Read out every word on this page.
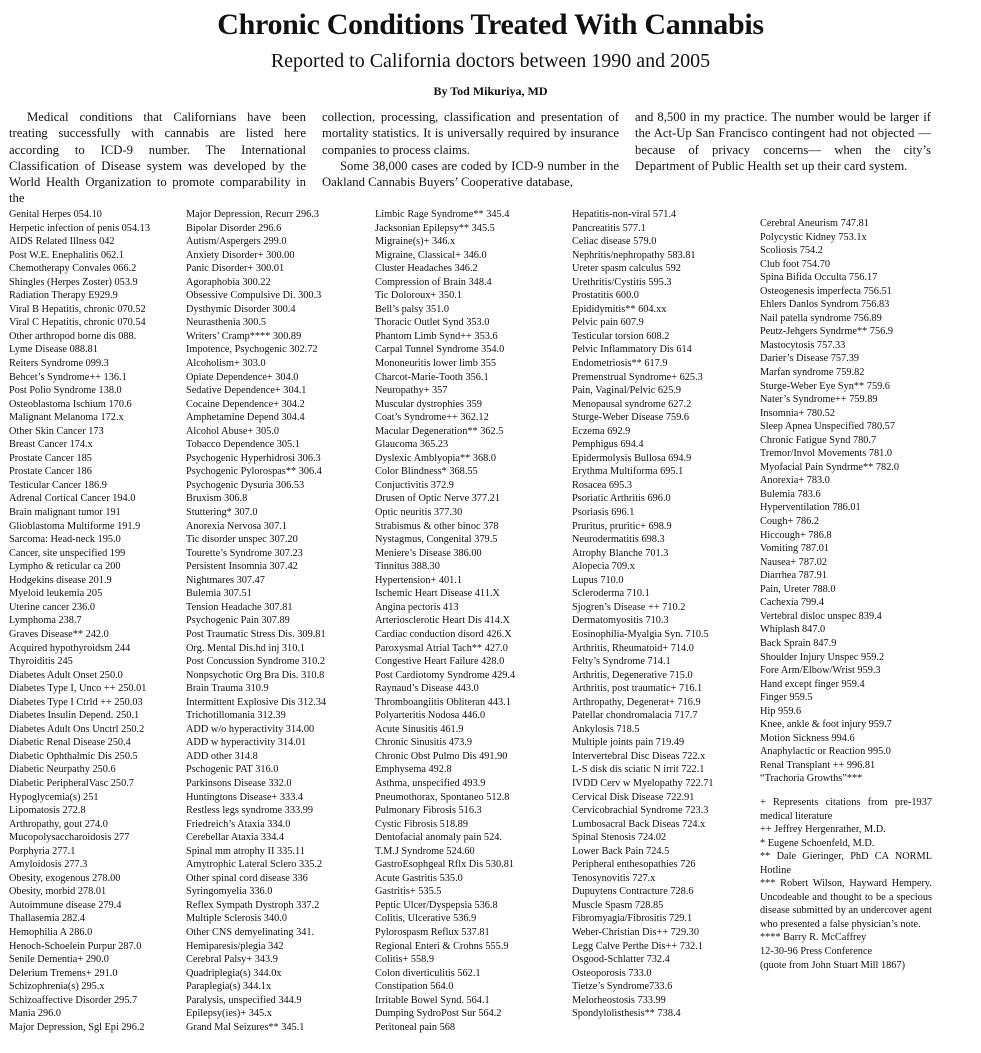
Chronic Conditions Treated With Cannabis
Reported to California doctors between 1990 and 2005
By Tod Mikuriya, MD

Medical conditions that Californians have been treating successfully with cannabis are listed here according to ICD-9 number. The International Classification of Disease system was developed by the World Health Organization to promote comparability in the

collection, processing, classification and presentation of mortality statistics. It is universally required by insurance companies to process claims.

Some 38,000 cases are coded by ICD-9 number in the Oakland Cannabis Buyers’ Cooperative database,

and 8,500 in my practice. The number would be larger if the Act-Up San Francisco contingent had not objected —because of privacy concerns— when the city’s Department of Public Health set up their card system.

Genital Herpes 054.10
Herpetic infection of penis 054.13
AIDS Related Illness 042
Post W.E. Enephalitis 062.1
Chemotherapy Convales 066.2
Shingles (Herpes Zoster) 053.9
Radiation Therapy E929.9
Viral B Hepatitis, chronic 070.52
Viral C Hepatitis, chronic 070.54
Other arthropod borne dis 088.
Lyme Disease 088.81
Reiters Syndrome 099.3
Behcet’s Syndrome++ 136.1
Post Polio Syndrome 138.0
Osteoblastoma Ischium 170.6
Malignant Melanoma 172.x
Other Skin Cancer 173
Breast Cancer 174.x
Prostate Cancer 185
Prostate Cancer 186
Testicular Cancer 186.9
Adrenal Cortical Cancer 194.0
Brain malignant tumor 191
Glioblastoma Multiforme 191.9
Sarcoma: Head-neck 195.0
Cancer, site unspecified 199
Lympho & reticular ca 200
Hodgekins disease 201.9
Myeloid leukemia 205
Uterine cancer 236.0
Lymphoma 238.7
Graves Disease** 242.0
Acquired hypothyroidsm 244
Thyroiditis 245
Diabetes Adult Onset 250.0
Diabetes Type I, Unco ++ 250.01
Diabetes Type I Ctrld ++ 250.03
Diabetes Insulin Depend. 250.1
Diabetes Adult Ons Unctrl 250.2
Diabetic Renal Disease 250.4
Diabetic Ophthalmic Dis 250.5
Diabetic Neurpathy 250.6
Diabetic PeripheralVasc 250.7
Hypoglycemia(s) 251
Lipomatosis 272.8
Arthropathy, gout 274.0
Mucopolysaccharoidosis 277
Porphyria 277.1
Amyloidosis 277.3
Obesity, exogenous 278.00
Obesity, morbid 278.01
Autoimmune disease 279.4
Thallasemia 282.4
Hemophilia A 286.0
Henoch-Schoelein Purpur 287.0
Senile Dementia+ 290.0
Delerium Tremens+ 291.0
Schizophrenia(s) 295.x
Schizoaffective Disorder 295.7
Mania 296.0
Major Depression, Sgl Epi 296.2
Major Depression, Recurr 296.3
Bipolar Disorder 296.6
Autism/Aspergers 299.0
Anxiety Disorder+ 300.00
Panic Disorder+ 300.01
Agoraphobia 300.22
Obsessive Compulsive Di. 300.3
Dysthymic Disorder 300.4
Neurasthenia 300.5
Writers’ Cramp**** 300.89
Impotence, Psychogenic 302.72
Alcoholism+ 303.0
Opiate Dependence+ 304.0
Sedative Dependence+ 304.1
Cocaine Dependence+ 304.2
Amphetamine Depend 304.4
Alcohol Abuse+ 305.0
Tobacco Dependence 305.1
Psychogenic Hyperhidrosi 306.3
Psychogenic Pylorospas** 306.4
Psychogenic Dysuria 306.53
Bruxism 306.8
Stuttering* 307.0
Anorexia Nervosa 307.1
Tic disorder unspec 307.20
Tourette’s Syndrome 307.23
Persistent Insomnia 307.42
Nightmares 307.47
Bulemia 307.51
Tension Headache 307.81
Psychogenic Pain 307.89
Post Traumatic Stress Dis. 309.81
Org. Mental Dis.hd inj 310.1
Post Concussion Syndrome 310.2
Nonpsychotic Org Bra Dis. 310.8
Brain Trauma 310.9
Intermittent Explosive Dis 312.34
Trichotillomania 312.39
ADD w/o hyperactivity 314.00
ADD w hyperactivity 314.01
ADD other 314.8
Pschogenic PAT 316.0
Parkinsons Disease 332.0
Huntingtons Disease+ 333.4
Restless legs syndrome 333.99
Friedreich’s Ataxia 334.0
Cerebellar Ataxia 334.4
Spinal mm atrophy II 335.11
Amytrophic Lateral Sclero 335.2
Other spinal cord disease 336
Syringomyelia 336.0
Reflex Sympath Dystroph 337.2
Multiple Sclerosis 340.0
Other CNS demyelinating 341.
Hemiparesis/plegia 342
Cerebral Palsy+ 343.9
Quadriplegia(s) 344.0x
Paraplegia(s) 344.1x
Paralysis, unspecified 344.9
Epilepsy(ies)+ 345.x
Grand Mal Seizures** 345.1
Limbic Rage Syndrome** 345.4
Jacksonian Epilepsy** 345.5
Migraine(s)+ 346.x
Migraine, Classical+ 346.0
Cluster Headaches 346.2
Compression of Brain 348.4
Tic Doloroux+ 350.1
Bell’s palsy 351.0
Thoracic Outlet Synd 353.0
Phantom Limb Synd++ 353.6
Carpal Tunnel Syndrome 354.0
Mononeuritis lower limb 355
Charcot-Marie-Tooth 356.1
Neuropathy+ 357
Muscular dystrophies 359
Coat’s Syndrome++ 362.12
Macular Degeneration** 362.5
Glaucoma 365.23
Dyslexic Amblyopia** 368.0
Color Blindness* 368.55
Conjuctivitis 372.9
Drusen of Optic Nerve 377.21
Optic neuritis 377.30
Strabismus & other binoc 378
Nystagmus, Congenital 379.5
Meniere’s Disease 386.00
Tinnitus 388.30
Hypertension+ 401.1
Ischemic Heart Disease 411.X
Angina pectoris 413
Arteriosclerotic Heart Dis 414.X
Cardiac conduction disord 426.X
Paroxysmal Atrial Tach** 427.0
Congestive Heart Failure 428.0
Post Cardiotomy Syndrome 429.4
Raynaud’s Disease 443.0
Thromboangiitis Obliteran 443.1
Polyarteritis Nodosa 446.0
Acute Sinusitis 461.9
Chronic Sinusitis 473.9
Chronic Obst Pulmo Dis 491.90
Emphysema 492.8
Asthma, unspecified 493.9
Pneumothorax, Spontaneo 512.8
Pulmonary Fibrosis 516.3
Cystic Fibrosis 518.89
Dentofacial anomaly pain 524.
T.M.J Syndrome 524.60
GastroEsophgeal Rflx Dis 530.81
Acute Gastritis 535.0
Gastritis+ 535.5
Peptic Ulcer/Dyspepsia 536.8
Colitis, Ulcerative 536.9
Pylorospasm Reflux 537.81
Regional Enteri & Crohns 555.9
Colitis+ 558.9
Colon diverticulitis 562.1
Constipation 564.0
Irritable Bowel Synd. 564.1
Dumping SydroPost Sur 564.2
Peritoneal pain 568
Hepatitis-non-viral 571.4
Pancreatitis 577.1
Celiac disease 579.0
Nephritis/nephropathy 583.81
Ureter spasm calculus 592
Urethritis/Cystitis 595.3
Prostatitis 600.0
Epididymitis** 604.xx
Pelvic pain 607.9
Testicular torsion 608.2
Pelvic Inflammatory Dis 614
Endometriosis** 617.9
Premenstrual Syndrome+ 625.3
Pain, Vaginal/Pelvic 625.9
Menopausal syndrome 627.2
Sturge-Weber Disease 759.6
Eczema 692.9
Pemphigus 694.4
Epidermolysis Bullosa 694.9
Erythma Multiforma 695.1
Rosacea 695.3
Psoriatic Arthritis 696.0
Psoriasis 696.1
Pruritus, pruritic+ 698.9
Neurodermatitis 698.3
Atrophy Blanche 701.3
Alopecia 709.x
Lupus 710.0
Scleroderma 710.1
Sjogren’s Disease ++ 710.2
Dermatomyositis 710.3
Eosinophilia-Myalgia Syn. 710.5
Arthritis, Rheumatoid+ 714.0
Felty’s Syndrome 714.1
Arthritis, Degenerative 715.0
Arthritis, post traumatic+ 716.1
Arthropathy, Degenerat+ 716.9
Patellar chondromalacia 717.7
Ankylosis 718.5
Multiple joints pain 719.49
Intervertebral Disc Diseas 722.x
L-S disk dis sciatic N irrit 722.1
IVDD Cerv w Myelopathy 722.71
Cervical Disk Disease 722.91
Cervicobrachial Syndrome 723.3
Lumbosacral Back Diseas 724.x
Spinal Stenosis 724.02
Lower Back Pain 724.5
Peripheral enthesopathies 726
Tenosynovitis 727.x
Dupuytens Contracture 728.6
Muscle Spasm 728.85
Fibromyagia/Fibrositis 729.1
Weber-Christian Dis++ 729.30
Legg Calve Perthe Dis++ 732.1
Osgood-Schlatter 732.4
Osteoporosis 733.0
Tietze’s Syndrome733.6
Melorheostosis 733.99
Spondylolisthesis** 738.4
Cerebral Aneurism 747.81
Polycystic Kidney 753.1x
Scoliosis 754.2
Club foot 754.70
Spina Bifida Occulta 756.17
Osteogenesis imperfecta 756.51
Ehlers Danlos Syndrom 756.83
Nail patella syndrome 756.89
Peutz-Jehgers Syndrme** 756.9
Mastocytosis 757.33
Darier’s Disease 757.39
Marfan syndrome 759.82
Sturge-Weber Eye Syn** 759.6
Nater’s Syndrome++ 759.89
Insomnia+ 780.52
Sleep Apnea Unspecified 780.57
Chronic Fatigue Synd 780.7
Tremor/Invol Movements 781.0
Myofacial Pain Syndrme** 782.0
Anorexia+ 783.0
Bulemia 783.6
Hyperventilation 786.01
Cough+ 786.2
Hiccough+ 786.8
Vomiting 787.01
Nausea+ 787.02
Diarrhea 787.91
Pain, Ureter 788.0
Cachexia 799.4
Vertebral disloc unspec 839.4
Whiplash 847.0
Back Sprain 847.9
Shoulder Injury Unspec 959.2
Fore Arm/Elbow/Wrist 959.3
Hand except finger 959.4
Finger 959.5
Hip 959.6
Knee, ankle & foot injury 959.7
Motion Sickness 994.6
Anaphylactic or Reaction 995.0
Renal Transplant ++ 996.81
“Trachoria Growths”***
+ Represents citations from pre-1937 medical literature
++ Jeffrey Hergenrather, M.D.
* Eugene Schoenfeld, M.D.
** Dale Gieringer, PhD CA NORML Hotline
*** Robert Wilson, Hayward Hempery. Uncodeable and thought to be a specious disease submitted by an undercover agent who presented a false physician’s note.
**** Barry R. McCaffrey
12-30-96 Press Conference
(quote from John Stuart Mill 1867)
